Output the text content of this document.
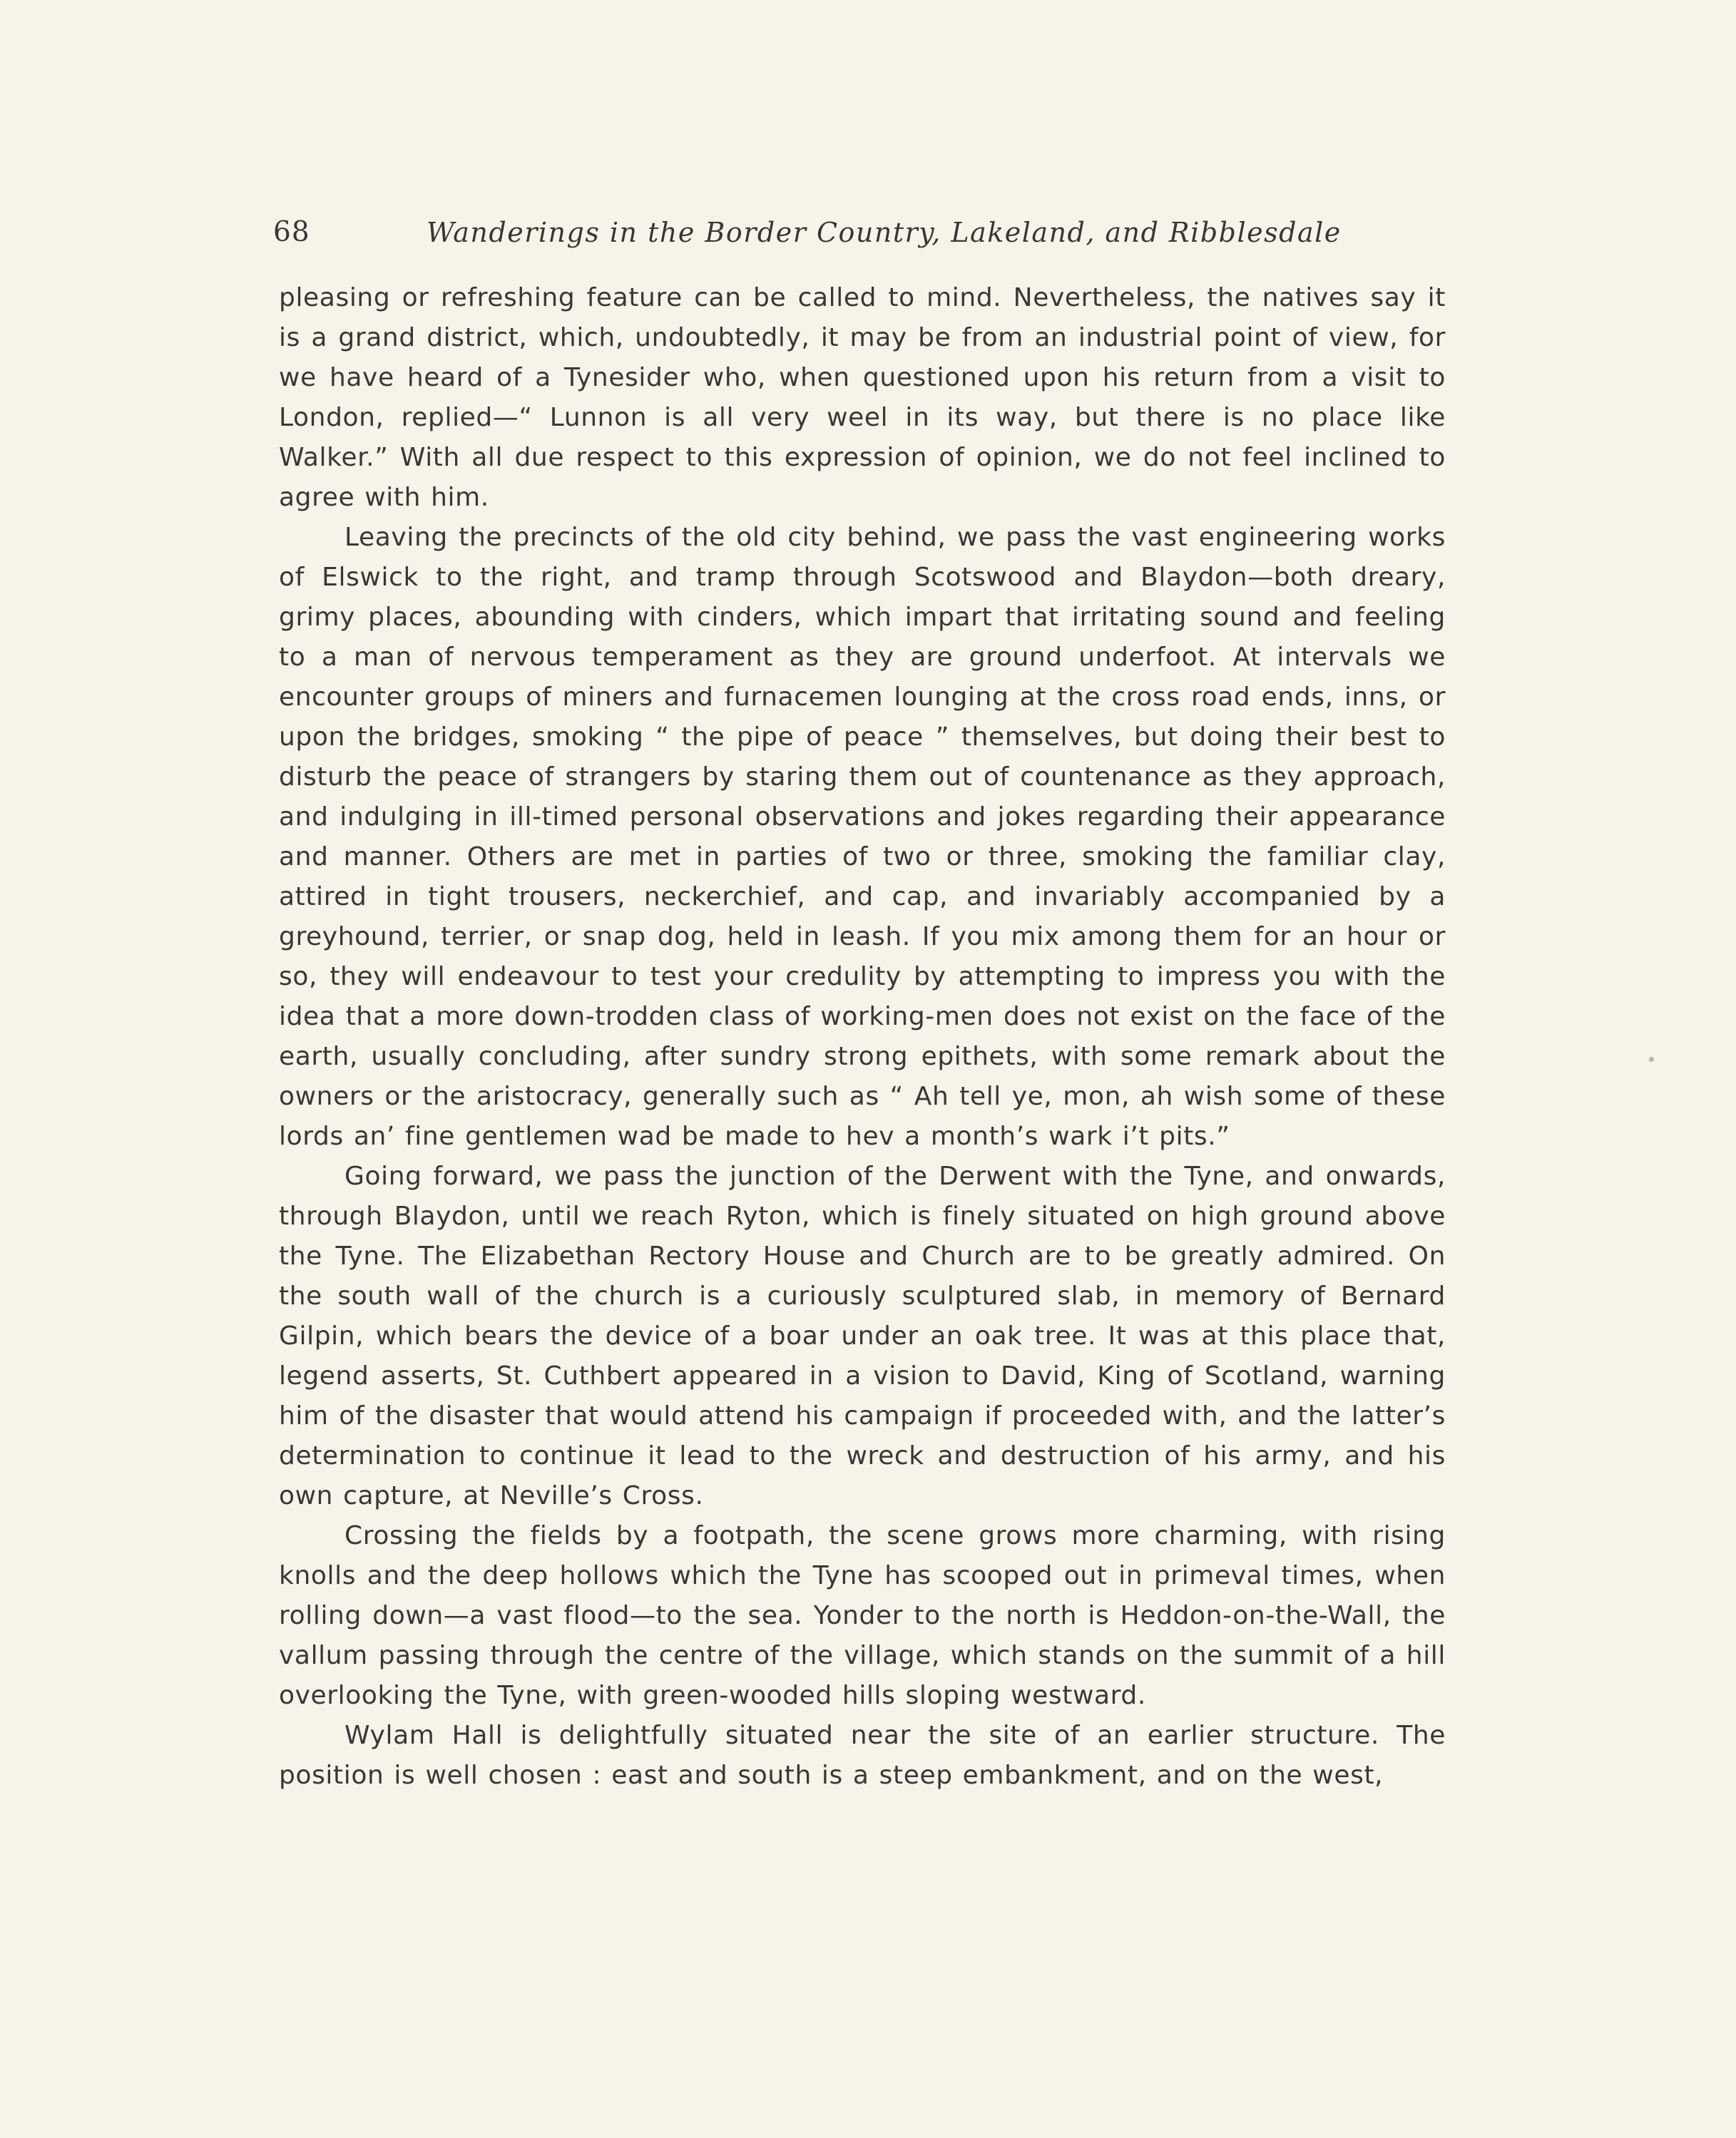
68	Wanderings in the Border Country, Lakeland, and Ribblesdale

pleasing or refreshing feature can be called to mind. Nevertheless, the natives say it is a grand district, which, undoubtedly, it may be from an industrial point of view, for we have heard of a Tynesider who, when questioned upon his return from a visit to London, replied—“ Lunnon is all very weel in its way, but there is no place like Walker.” With all due respect to this expression of opinion, we do not feel inclined to agree with him.

Leaving the precincts of the old city behind, we pass the vast engineering works of Elswick to the right, and tramp through Scotswood and Blaydon—both dreary, grimy places, abounding with cinders, which impart that irritating sound and feeling to a man of nervous temperament as they are ground underfoot. At intervals we encounter groups of miners and furnacemen lounging at the cross road ends, inns, or upon the bridges, smoking “ the pipe of peace ” themselves, but doing their best to disturb the peace of strangers by staring them out of countenance as they approach, and indulging in ill-timed personal observations and jokes regarding their appearance and manner. Others are met in parties of two or three, smoking the familiar clay, attired in tight trousers, neckerchief, and cap, and invariably accompanied by a greyhound, terrier, or snap dog, held in leash. If you mix among them for an hour or so, they will endeavour to test your credulity by attempting to impress you with the idea that a more down-trodden class of working-men does not exist on the face of the earth, usually concluding, after sundry strong epithets, with some remark about the owners or the aristocracy, generally such as “ Ah tell ye, mon, ah wish some of these lords an’ fine gentlemen wad be made to hev a month’s wark i’t pits.”

Going forward, we pass the junction of the Derwent with the Tyne, and onwards, through Blaydon, until we reach Ryton, which is finely situated on high ground above the Tyne. The Elizabethan Rectory House and Church are to be greatly admired. On the south wall of the church is a curiously sculptured slab, in memory of Bernard Gilpin, which bears the device of a boar under an oak tree. It was at this place that, legend asserts, St. Cuthbert appeared in a vision to David, King of Scotland, warning him of the disaster that would attend his campaign if proceeded with, and the latter’s determination to continue it lead to the wreck and destruction of his army, and his own capture, at Neville’s Cross.

Crossing the fields by a footpath, the scene grows more charming, with rising knolls and the deep hollows which the Tyne has scooped out in primeval times, when rolling down—a vast flood—to the sea. Yonder to the north is Heddon-on-the-Wall, the vallum passing through the centre of the village, which stands on the summit of a hill overlooking the Tyne, with green-wooded hills sloping westward.

Wylam Hall is delightfully situated near the site of an earlier structure. The position is well chosen : east and south is a steep embankment, and on the west,
